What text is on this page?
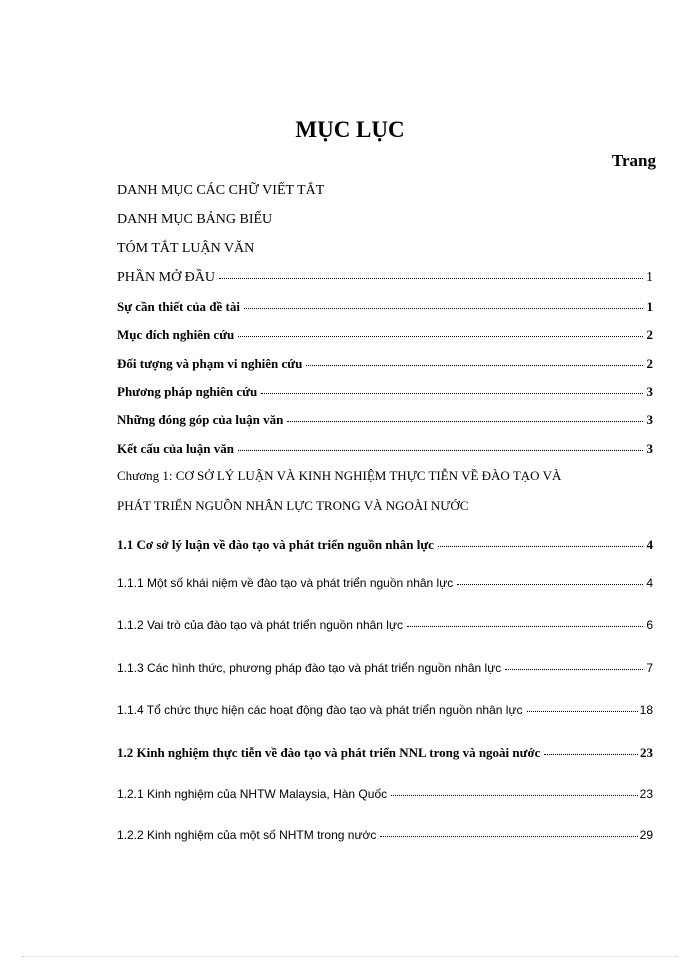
MỤC LỤC
Trang
DANH MỤC CÁC CHỮ VIẾT TẮT
DANH MỤC BẢNG BIỂU
TÓM TẮT LUẬN VĂN
PHẦN MỞ ĐẦU	1
Sự cần thiết của đề tài	1
Mục đích nghiên cứu	2
Đối tượng và phạm vi nghiên cứu	2
Phương pháp nghiên cứu	3
Những đóng góp của luận văn	3
Kết cấu của luận văn	3
Chương 1: CƠ SỞ LÝ LUẬN VÀ KINH NGHIỆM THỰC TIỄN VỀ ĐÀO TẠO VÀ
PHÁT TRIỂN NGUỒN NHÂN LỰC TRONG VÀ NGOÀI NƯỚC
1.1 Cơ sở lý luận về đào tạo và phát triển nguồn nhân lực	4
1.1.1 Một số khái niệm về đào tạo và phát triển nguồn nhân lực	4
1.1.2 Vai trò của đào tạo và phát triển nguồn nhân lực	6
1.1.3 Các hình thức, phương pháp đào tạo và phát triển nguồn nhân lực	7
1.1.4 Tổ chức thực hiện các hoạt động đào tạo và phát triển nguồn nhân lực	18
1.2 Kinh nghiệm thực tiễn về đào tạo và phát triển NNL trong và ngoài nước	23
1.2.1 Kinh nghiệm của NHTW Malaysia, Hàn Quốc	23
1.2.2 Kinh nghiệm của một số NHTM trong nước	29
